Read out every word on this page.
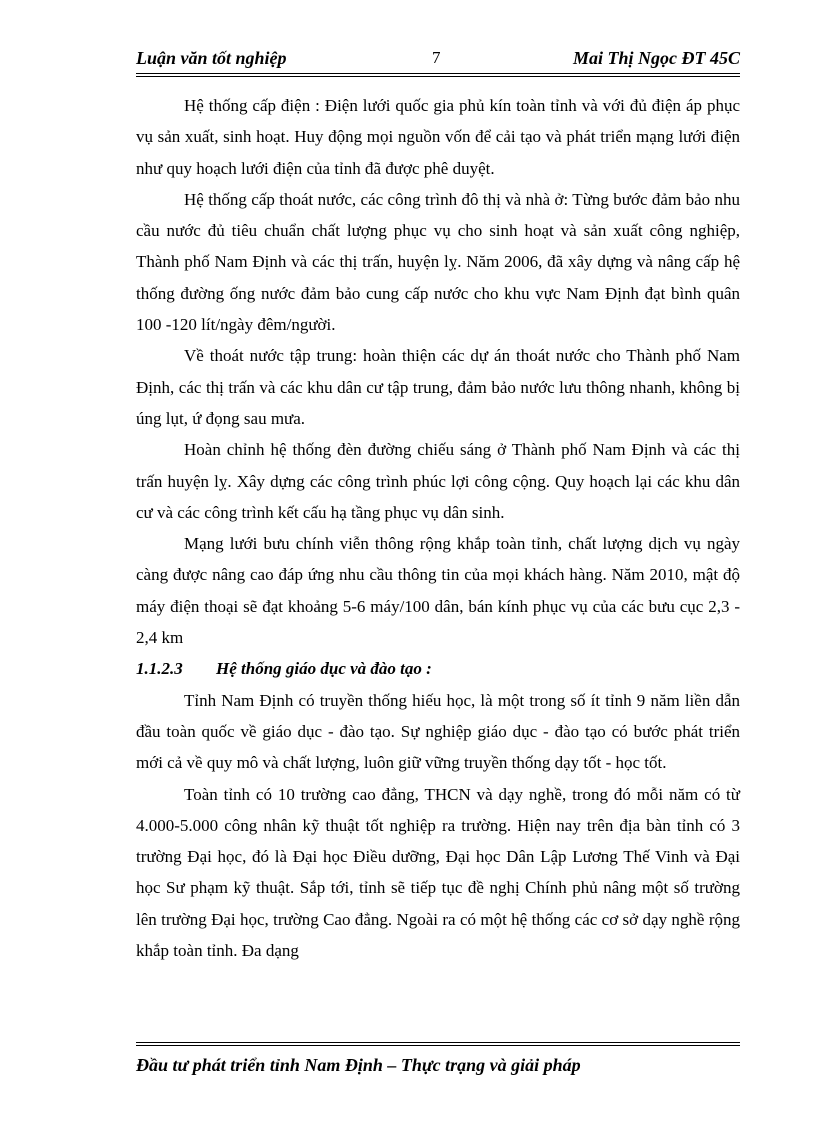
Luận văn tốt nghiệp	7	Mai Thị Ngọc ĐT 45C

Hệ thống cấp điện : Điện lưới quốc gia phủ kín toàn tỉnh và với đủ điện áp phục vụ sản xuất, sinh hoạt. Huy động mọi nguồn vốn để cải tạo và phát triển mạng lưới điện như quy hoạch lưới điện của tỉnh đã được phê duyệt.

Hệ thống cấp thoát nước, các công trình đô thị và nhà ở: Từng bước đảm bảo nhu cầu nước đủ tiêu chuẩn chất lượng phục vụ cho sinh hoạt và sản xuất công nghiệp, Thành phố Nam Định và các thị trấn, huyện lỵ. Năm 2006, đã xây dựng và nâng cấp hệ thống đường ống nước đảm bảo cung cấp nước cho khu vực Nam Định đạt bình quân 100 -120 lít/ngày đêm/người.

Về thoát nước tập trung: hoàn thiện các dự án thoát nước cho Thành phố Nam Định, các thị trấn và các khu dân cư tập trung, đảm bảo nước lưu thông nhanh, không bị úng lụt, ứ đọng sau mưa.

Hoàn chỉnh hệ thống đèn đường chiếu sáng ở Thành phố Nam Định và các thị trấn huyện lỵ. Xây dựng các công trình phúc lợi công cộng. Quy hoạch lại các khu dân cư và các công trình kết cấu hạ tầng phục vụ dân sinh.

Mạng lưới bưu chính viễn thông rộng khắp toàn tỉnh, chất lượng dịch vụ ngày càng được nâng cao đáp ứng nhu cầu thông tin của mọi khách hàng. Năm 2010, mật độ máy điện thoại sẽ đạt khoảng 5-6 máy/100 dân, bán kính phục vụ của các bưu cục 2,3 - 2,4 km

1.1.2.3 Hệ thống giáo dục và đào tạo :

Tỉnh Nam Định có truyền thống hiếu học, là một trong số ít tỉnh 9 năm liền dẫn đầu toàn quốc về giáo dục - đào tạo. Sự nghiệp giáo dục - đào tạo có bước phát triển mới cả về quy mô và chất lượng, luôn giữ vững truyền thống dạy tốt - học tốt.

Toàn tỉnh có 10 trường cao đẳng, THCN và dạy nghề, trong đó mỗi năm có từ 4.000-5.000 công nhân kỹ thuật tốt nghiệp ra trường. Hiện nay trên địa bàn tỉnh có 3 trường Đại học, đó là Đại học Điều dưỡng, Đại học Dân Lập Lương Thế Vinh và Đại học Sư phạm kỹ thuật. Sắp tới, tỉnh sẽ tiếp tục đề nghị Chính phủ nâng một số trường lên trường Đại học, trường Cao đẳng. Ngoài ra có một hệ thống các cơ sở dạy nghề rộng khắp toàn tỉnh. Đa dạng

Đầu tư phát triển tỉnh Nam Định – Thực trạng và giải pháp
